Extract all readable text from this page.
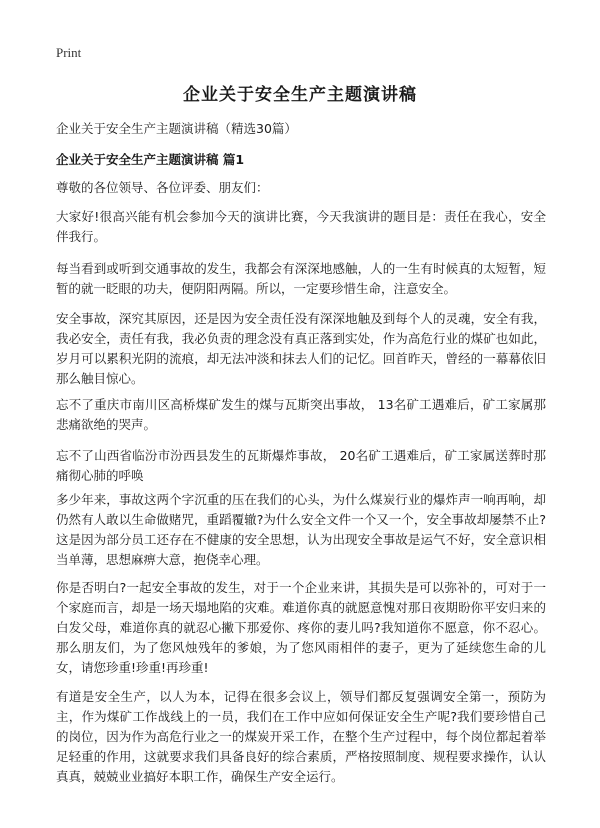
Print
企业关于安全生产主题演讲稿
企业关于安全生产主题演讲稿（精选30篇）
企业关于安全生产主题演讲稿 篇1

尊敬的各位领导、各位评委、朋友们：

大家好!很高兴能有机会参加今天的演讲比赛，今天我演讲的题目是：责任在我心，安全伴我行。

每当看到或听到交通事故的发生，我都会有深深地感触，人的一生有时候真的太短暂，短暂的就一眨眼的功夫，便阴阳两隔。所以，一定要珍惜生命，注意安全。

安全事故，深究其原因，还是因为安全责任没有深深地触及到每个人的灵魂，安全有我，我必安全，责任有我，我必负责的理念没有真正落到实处，作为高危行业的煤矿也如此，岁月可以累积光阴的流痕，却无法冲淡和抹去人们的记忆。回首昨天，曾经的一幕幕依旧那么触目惊心。

忘不了重庆市南川区高桥煤矿发生的煤与瓦斯突出事故， 13名矿工遇难后，矿工家属那悲痛欲绝的哭声。

忘不了山西省临汾市汾西县发生的瓦斯爆炸事故， 20名矿工遇难后，矿工家属送葬时那痛彻心肺的呼唤

多少年来，事故这两个字沉重的压在我们的心头，为什么煤炭行业的爆炸声一响再响，却仍然有人敢以生命做赌咒，重蹈覆辙?为什么安全文件一个又一个，安全事故却屡禁不止?这是因为部分员工还存在不健康的安全思想，认为出现安全事故是运气不好，安全意识相当单薄，思想麻痹大意，抱侥幸心理。

你是否明白?一起安全事故的发生，对于一个企业来讲，其损失是可以弥补的，可对于一个家庭而言，却是一场天塌地陷的灾难。难道你真的就愿意愧对那日夜期盼你平安归来的白发父母，难道你真的就忍心撇下那爱你、疼你的妻儿吗?我知道你不愿意，你不忍心。那么朋友们，为了您风烛残年的爹娘，为了您风雨相伴的妻子，更为了延续您生命的儿女，请您珍重!珍重!再珍重!

有道是安全生产，以人为本，记得在很多会议上，领导们都反复强调安全第一，预防为主，作为煤矿工作战线上的一员，我们在工作中应如何保证安全生产呢?我们要珍惜自己的岗位，因为作为高危行业之一的煤炭开采工作，在整个生产过程中，每个岗位都起着举足轻重的作用，这就要求我们具备良好的综合素质，严格按照制度、规程要求操作，认认真真，兢兢业业搞好本职工作，确保生产安全运行。
